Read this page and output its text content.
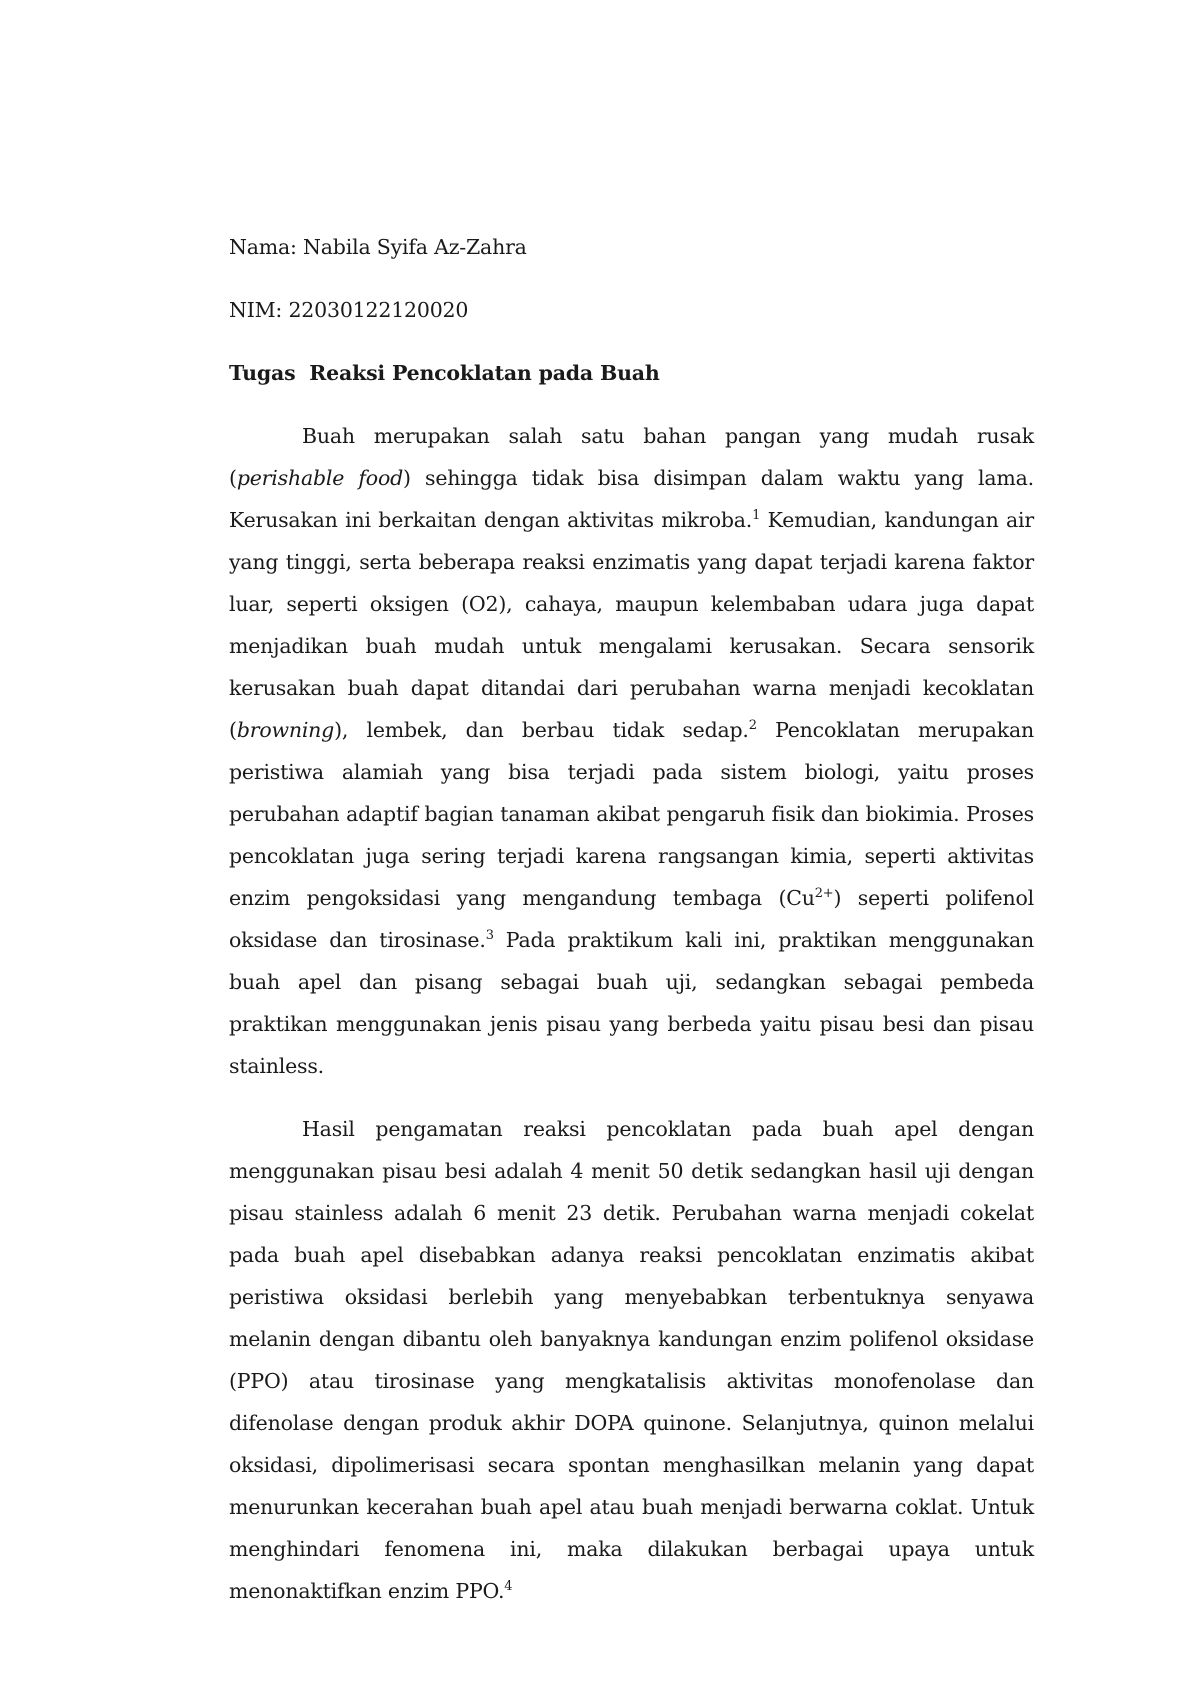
Nama: Nabila Syifa Az-Zahra
NIM: 22030122120020
Tugas  Reaksi Pencoklatan pada Buah

Buah merupakan salah satu bahan pangan yang mudah rusak (perishable food) sehingga tidak bisa disimpan dalam waktu yang lama. Kerusakan ini berkaitan dengan aktivitas mikroba.$^1$ Kemudian, kandungan air yang tinggi, serta beberapa reaksi enzimatis yang dapat terjadi karena faktor luar, seperti oksigen (O2), cahaya, maupun kelembaban udara juga dapat menjadikan buah mudah untuk mengalami kerusakan. Secara sensorik kerusakan buah dapat ditandai dari perubahan warna menjadi kecoklatan (browning), lembek, dan berbau tidak sedap.$^2$ Pencoklatan merupakan peristiwa alamiah yang bisa terjadi pada sistem biologi, yaitu proses perubahan adaptif bagian tanaman akibat pengaruh fisik dan biokimia. Proses pencoklatan juga sering terjadi karena rangsangan kimia, seperti aktivitas enzim pengoksidasi yang mengandung tembaga $(Cu^{2+})$ seperti polifenol oksidase dan tirosinase.$^3$ Pada praktikum kali ini, praktikan menggunakan buah apel dan pisang sebagai buah uji, sedangkan sebagai pembeda praktikan menggunakan jenis pisau yang berbeda yaitu pisau besi dan pisau stainless.

Hasil pengamatan reaksi pencoklatan pada buah apel dengan menggunakan pisau besi adalah 4 menit 50 detik sedangkan hasil uji dengan pisau stainless adalah 6 menit 23 detik. Perubahan warna menjadi cokelat pada buah apel disebabkan adanya reaksi pencoklatan enzimatis akibat peristiwa oksidasi berlebih yang menyebabkan terbentuknya senyawa melanin dengan dibantu oleh banyaknya kandungan enzim polifenol oksidase (PPO) atau tirosinase yang mengkatalisis aktivitas monofenolase dan difenolase dengan produk akhir DOPA quinone. Selanjutnya, quinon melalui oksidasi, dipolimerisasi secara spontan menghasilkan melanin yang dapat menurunkan kecerahan buah apel atau buah menjadi berwarna coklat. Untuk menghindari fenomena ini, maka dilakukan berbagai upaya untuk menonaktifkan enzim PPO.$^4$
